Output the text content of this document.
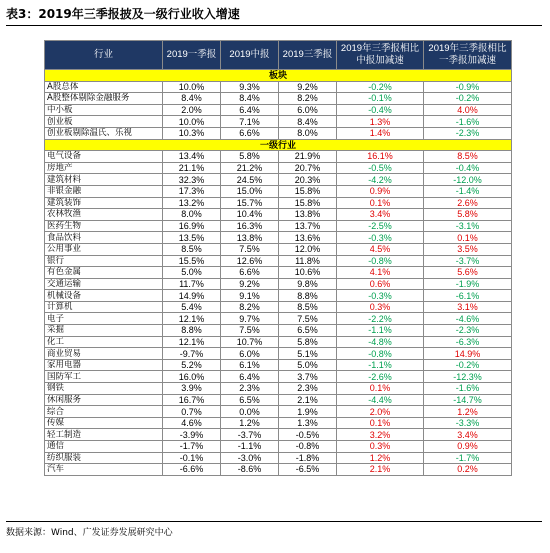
表3：2019年三季报披及一级行业收入增速
行业	2019一季报	2019中报	2019三季报	2019年三季报相比中报加减速	2019年三季报相比一季报加减速
板块					
A股总体	10.0%	9.3%	9.2%	-0.2%	-0.9%
A股整体剔除金融服务	8.4%	8.4%	8.2%	-0.1%	-0.2%
中小板	2.0%	6.4%	6.0%	-0.4%	4.0%
创业板	10.0%	7.1%	8.4%	1.3%	-1.6%
创业板剔除温氏、乐视	10.3%	6.6%	8.0%	1.4%	-2.3%
一级行业					
电气设备	13.4%	5.8%	21.9%	16.1%	8.5%
房地产	21.1%	21.2%	20.7%	-0.5%	-0.4%
建筑材料	32.3%	24.5%	20.3%	-4.2%	-12.0%
非银金融	17.3%	15.0%	15.8%	0.9%	-1.4%
建筑装饰	13.2%	15.7%	15.8%	0.1%	2.6%
农林牧渔	8.0%	10.4%	13.8%	3.4%	5.8%
医药生物	16.9%	16.3%	13.7%	-2.5%	-3.1%
食品饮料	13.5%	13.8%	13.6%	-0.3%	0.1%
公用事业	8.5%	7.5%	12.0%	4.5%	3.5%
银行	15.5%	12.6%	11.8%	-0.8%	-3.7%
有色金属	5.0%	6.6%	10.6%	4.1%	5.6%
交通运输	11.7%	9.2%	9.8%	0.6%	-1.9%
机械设备	14.9%	9.1%	8.8%	-0.3%	-6.1%
计算机	5.4%	8.2%	8.5%	0.3%	3.1%
电子	12.1%	9.7%	7.5%	-2.2%	-4.6%
采掘	8.8%	7.5%	6.5%	-1.1%	-2.3%
化工	12.1%	10.7%	5.8%	-4.8%	-6.3%
商业贸易	-9.7%	6.0%	5.1%	-0.8%	14.9%
家用电器	5.2%	6.1%	5.0%	-1.1%	-0.2%
国防军工	16.0%	6.4%	3.7%	-2.6%	-12.3%
钢铁	3.9%	2.3%	2.3%	0.1%	-1.6%
休闲服务	16.7%	6.5%	2.1%	-4.4%	-14.7%
综合	0.7%	0.0%	1.9%	2.0%	1.2%
传媒	4.6%	1.2%	1.3%	0.1%	-3.3%
轻工制造	-3.9%	-3.7%	-0.5%	3.2%	3.4%
通信	-1.7%	-1.1%	-0.8%	0.3%	0.9%
纺织服装	-0.1%	-3.0%	-1.8%	1.2%	-1.7%
汽车	-6.6%	-8.6%	-6.5%	2.1%	0.2%
数据来源：Wind、广发证券发展研究中心
